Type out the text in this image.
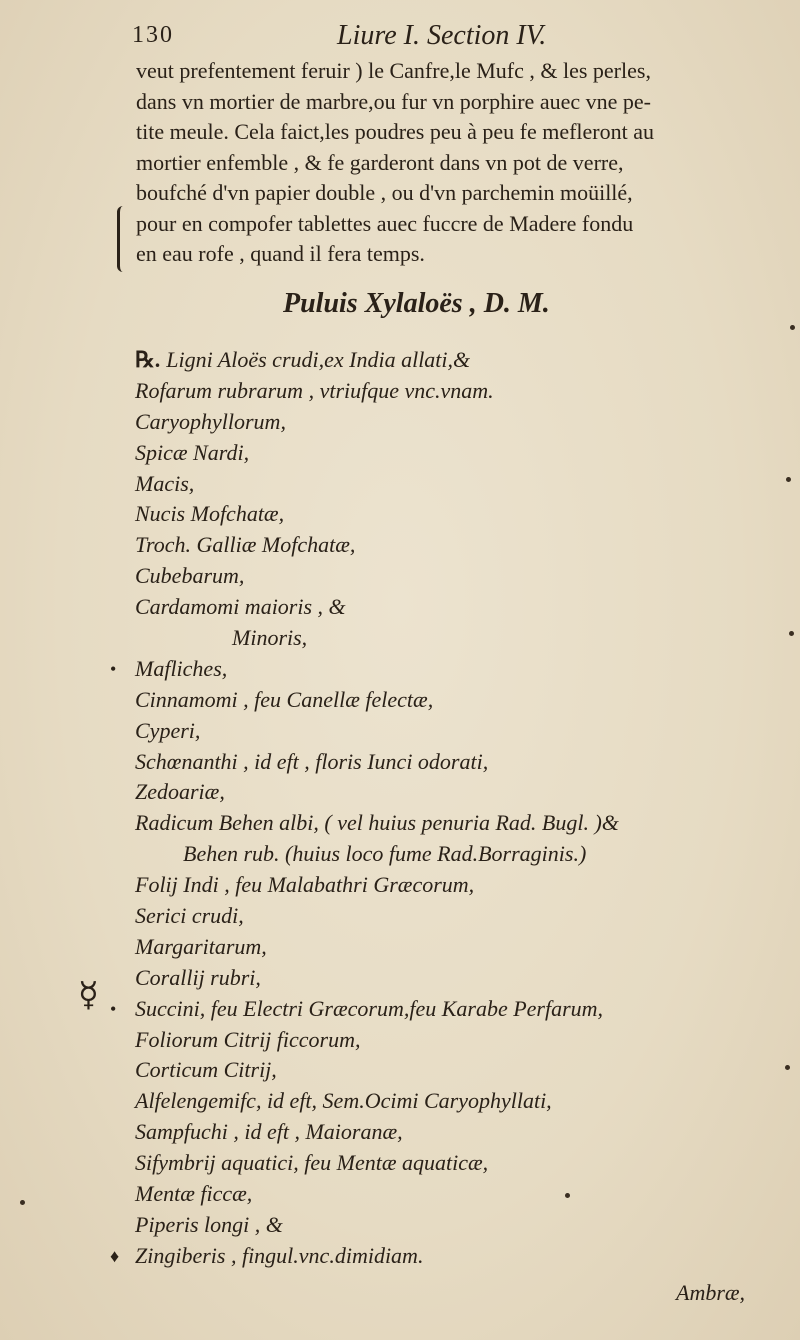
130	Liure I. Section IV.
veut prefentement feruir ) le Canfre,le Mufc , & les perles,
dans vn mortier de marbre,ou fur vn porphire auec vne pe-
tite meule. Cela faict,les poudres peu à peu fe mefleront au
mortier enfemble , & fe garderont dans vn pot de verre,
boufché d'vn papier double , ou d'vn parchemin moüillé,
pour en compofer tablettes auec fuccre de Madere fondu
en eau rofe , quand il fera temps.
Puluis Xylaloës , D. M.
℞. Ligni Aloës crudi,ex India allati,&
Rofarum rubrarum , vtriufque vnc.vnam.
Caryophyllorum,
Spicæ Nardi,
Macis,
Nucis Mofchatæ,
Troch. Galliæ Mofchatæ,
Cubebarum,
Cardamomi maioris , &
Minoris,
• Mafliches,
Cinnamomi , feu Canellæ felectæ,
Cyperi,
Schœnanthi , id eft , floris Iunci odorati,
Zedoariæ,
Radicum Behen albi, ( vel huius penuria Rad. Bugl. )&
Behen rub. (huius loco fume Rad.Borraginis.)
Folij Indi , feu Malabathri Græcorum,
Serici crudi,
Margaritarum,
Corallij rubri,
• Succini, feu Electri Græcorum,feu Karabe Perfarum,
Foliorum Citrij ficcorum,
Corticum Citrij,
Alfelengemifc, id eft, Sem.Ocimi Caryophyllati,
Sampfuchi , id eft , Maioranæ,
Sifymbrij aquatici, feu Mentæ aquaticæ,
Mentæ ficcæ,
Piperis longi , &
♦ Zingiberis , fingul.vnc.dimidiam.
☿
Ambræ,
